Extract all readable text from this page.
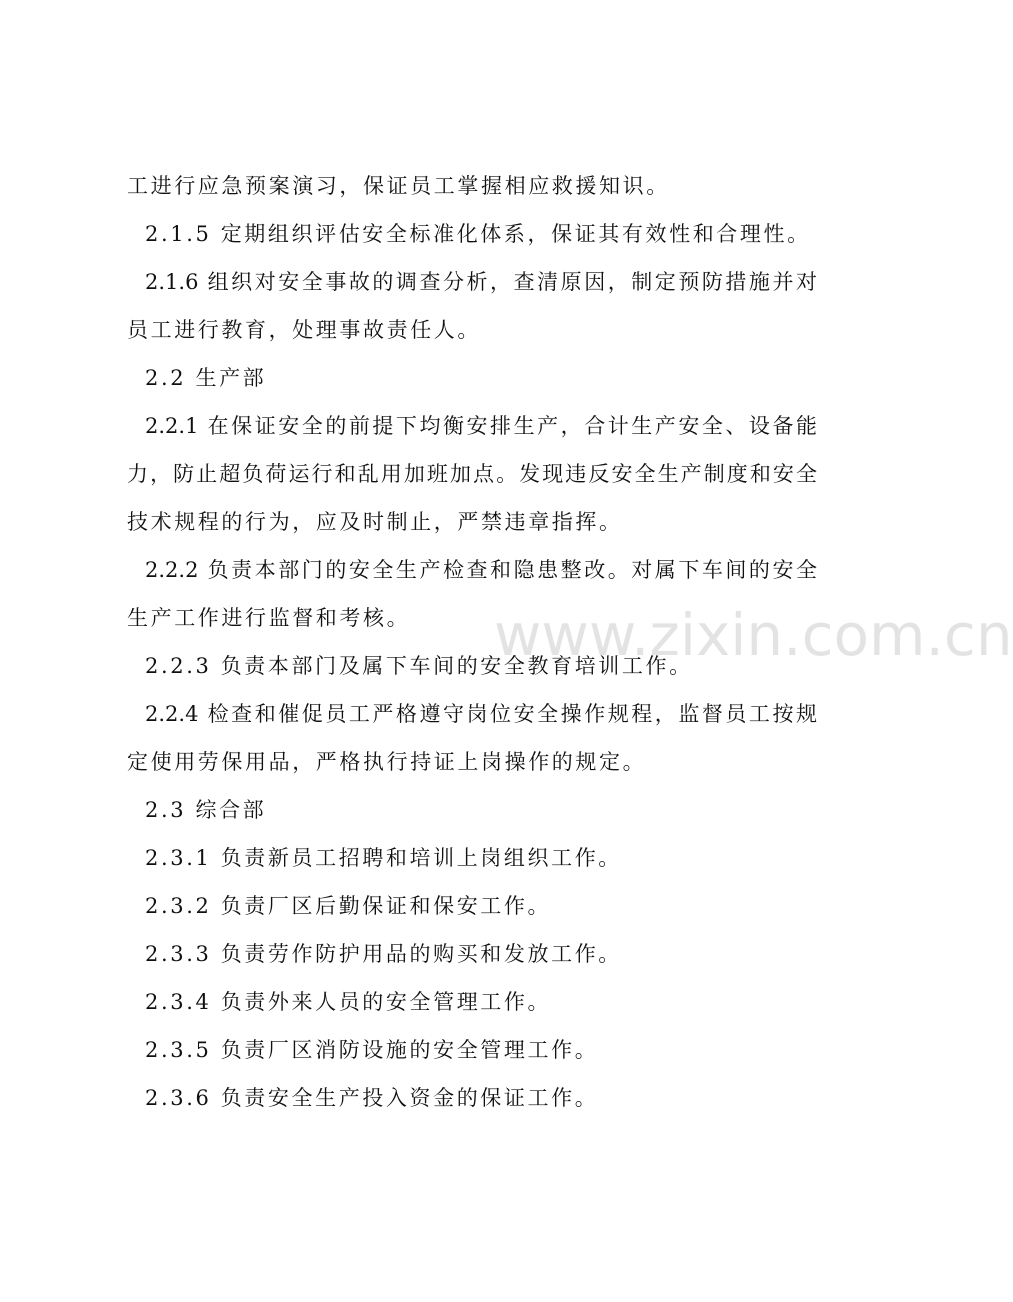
工进行应急预案演习，保证员工掌握相应救援知识。
2.1.5 定期组织评估安全标准化体系，保证其有效性和合理性。
2.1.6 组织对安全事故的调查分析，查清原因，制定预防措施并对
员工进行教育，处理事故责任人。
2.2 生产部
2.2.1 在保证安全的前提下均衡安排生产，合计生产安全、设备能
力，防止超负荷运行和乱用加班加点。发现违反安全生产制度和安全
技术规程的行为，应及时制止，严禁违章指挥。
2.2.2 负责本部门的安全生产检查和隐患整改。对属下车间的安全
生产工作进行监督和考核。
2.2.3 负责本部门及属下车间的安全教育培训工作。
2.2.4 检查和催促员工严格遵守岗位安全操作规程，监督员工按规
定使用劳保用品，严格执行持证上岗操作的规定。
2.3 综合部
2.3.1 负责新员工招聘和培训上岗组织工作。
2.3.2 负责厂区后勤保证和保安工作。
2.3.3 负责劳作防护用品的购买和发放工作。
2.3.4 负责外来人员的安全管理工作。
2.3.5 负责厂区消防设施的安全管理工作。
2.3.6 负责安全生产投入资金的保证工作。
www.zixin.com.cn
